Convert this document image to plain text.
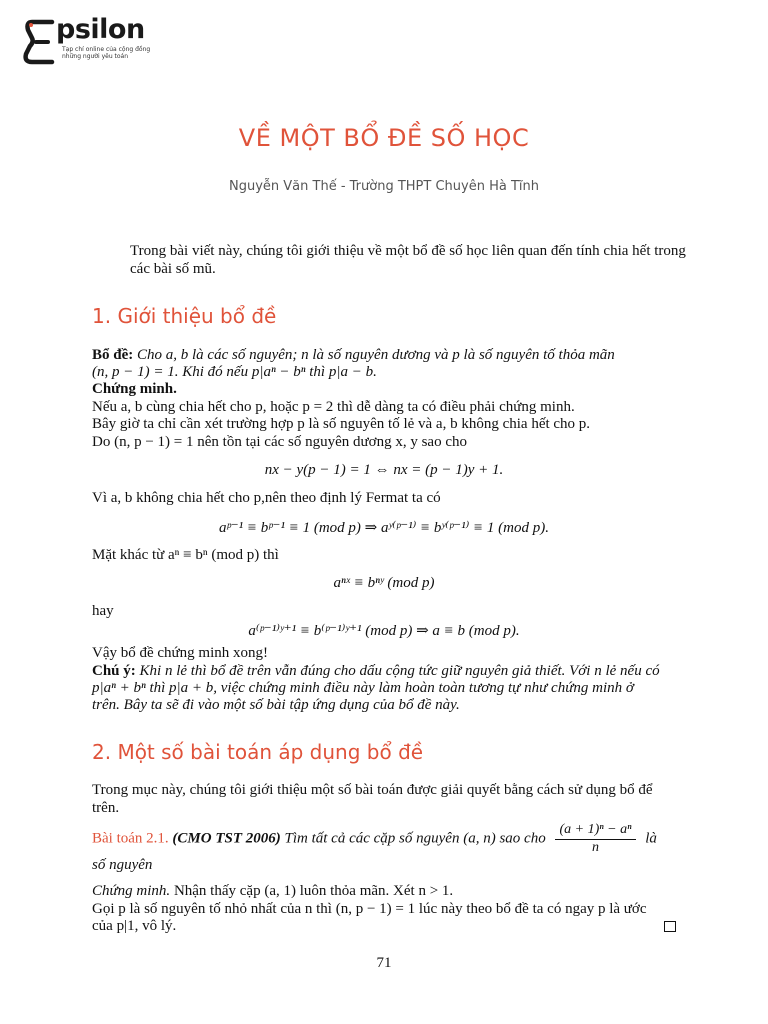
psilon
Tạp chí online của cộng đồng
những người yêu toán
VỀ MỘT BỔ ĐỀ SỐ HỌC
Nguyễn Văn Thế - Trường THPT Chuyên Hà Tĩnh
Trong bài viết này, chúng tôi giới thiệu về một bổ đề số học liên quan đến tính chia hết trong các bài số mũ.
1. Giới thiệu bổ đề
Bổ đề: Cho a, b là các số nguyên; n là số nguyên dương và p là số nguyên tố thỏa mãn
(n, p − 1) = 1. Khi đó nếu p|aⁿ − bⁿ thì p|a − b.
Chứng minh.
Nếu a, b cùng chia hết cho p, hoặc p = 2 thì dễ dàng ta có điều phải chứng minh.
Bây giờ ta chỉ cần xét trường hợp p là số nguyên tố lẻ và a, b không chia hết cho p.
Do (n, p − 1) = 1 nên tồn tại các số nguyên dương x, y sao cho
nx − y(p − 1) = 1 ⇔ nx = (p − 1)y + 1.
Vì a, b không chia hết cho p,nên theo định lý Fermat ta có
aᵖ⁻¹ ≡ bᵖ⁻¹ ≡ 1 (mod p) ⇒ aʸ⁽ᵖ⁻¹⁾ ≡ bʸ⁽ᵖ⁻¹⁾ ≡ 1 (mod p).
Mặt khác từ aⁿ ≡ bⁿ (mod p) thì
aⁿˣ ≡ bⁿʸ (mod p)
hay
a⁽ᵖ⁻¹⁾ʸ⁺¹ ≡ b⁽ᵖ⁻¹⁾ʸ⁺¹ (mod p) ⇒ a ≡ b (mod p).
Vậy bổ đề chứng minh xong!
Chú ý: Khi n lẻ thì bổ đề trên vẫn đúng cho dấu cộng tức giữ nguyên giả thiết. Với n lẻ nếu có
p|aⁿ + bⁿ thì p|a + b, việc chứng minh điều này làm hoàn toàn tương tự như chứng minh ở
trên. Bây ta sẽ đi vào một số bài tập ứng dụng của bổ đề này.
2. Một số bài toán áp dụng bổ đề
Trong mục này, chúng tôi giới thiệu một số bài toán được giải quyết bằng cách sử dụng bổ để
trên.
Bài toán 2.1. (CMO TST 2006) Tìm tất cả các cặp số nguyên (a, n) sao cho $\frac{\text{(a + 1)ⁿ − aⁿ}}{n}$ là
số nguyên
Chứng minh. Nhận thấy cặp (a, 1) luôn thỏa mãn. Xét n > 1.
Gọi p là số nguyên tố nhỏ nhất của n thì (n, p − 1) = 1 lúc này theo bổ đề ta có ngay p là ước
của p|1, vô lý.
71
